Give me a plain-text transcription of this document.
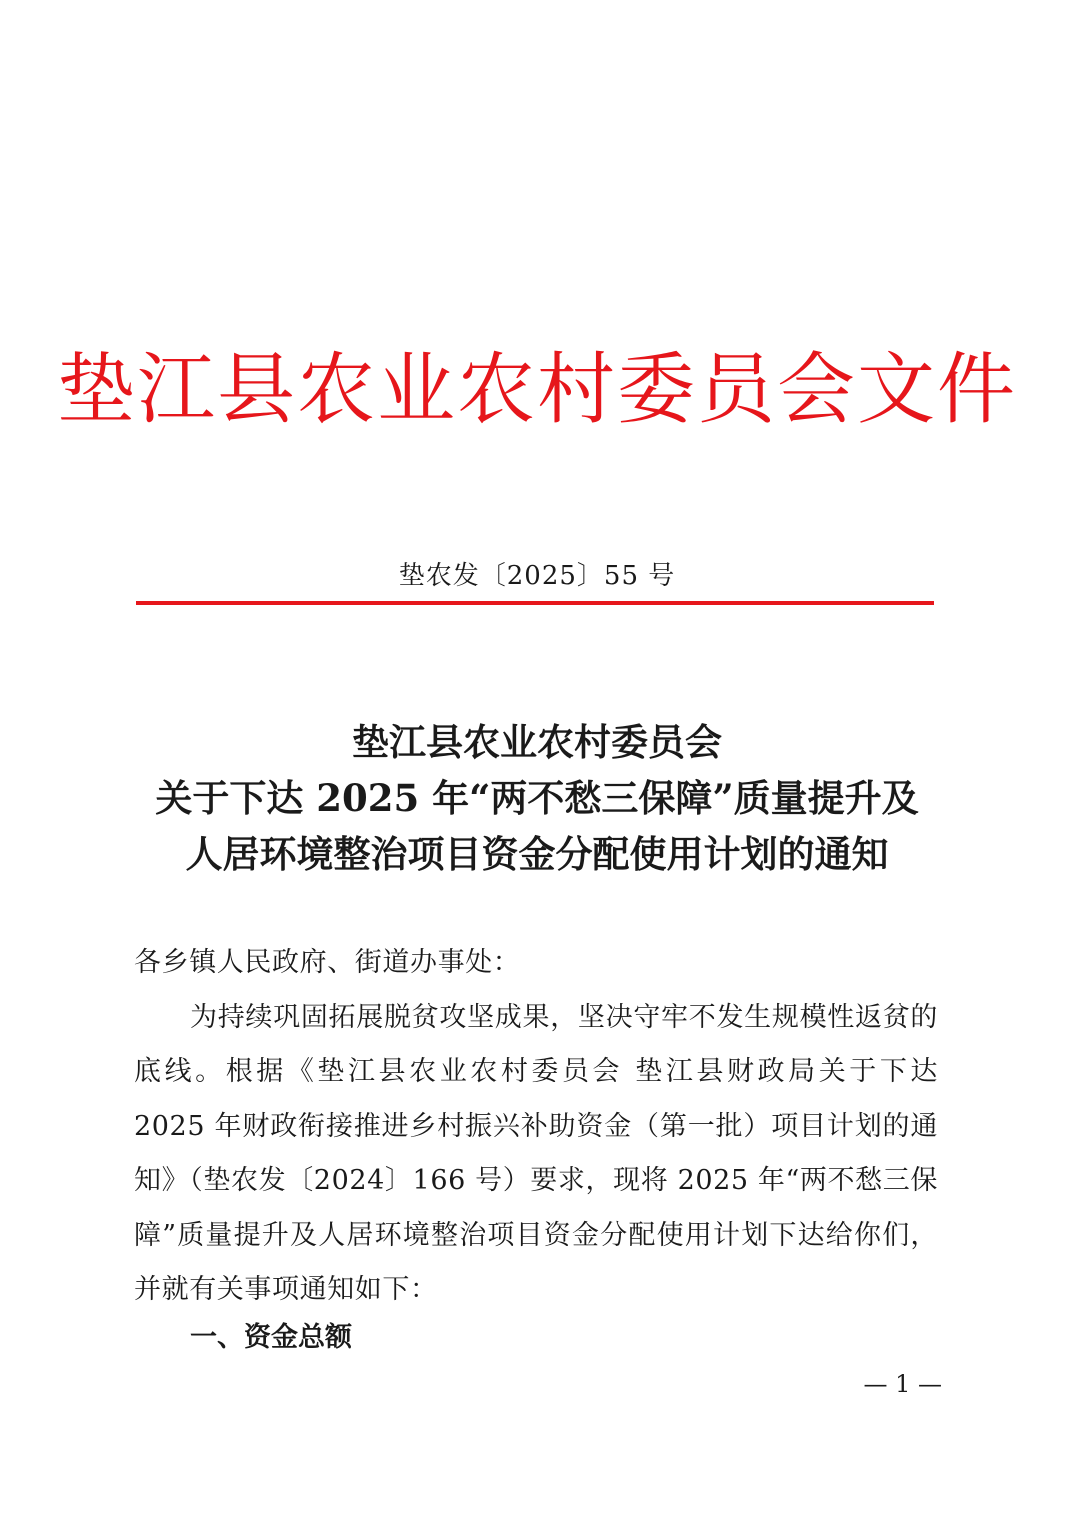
垫江县农业农村委员会文件
垫农发〔2025〕55 号
垫江县农业农村委员会
关于下达 2025 年“两不愁三保障”质量提升及
人居环境整治项目资金分配使用计划的通知

各乡镇人民政府、街道办事处：

为持续巩固拓展脱贫攻坚成果，坚决守牢不发生规模性返贫的底线。根据《垫江县农业农村委员会 垫江县财政局关于下达 2025 年财政衔接推进乡村振兴补助资金（第一批）项目计划的通知》（垫农发〔2024〕166 号）要求，现将 2025 年“两不愁三保障”质量提升及人居环境整治项目资金分配使用计划下达给你们，并就有关事项通知如下：

一、资金总额
— 1 —
